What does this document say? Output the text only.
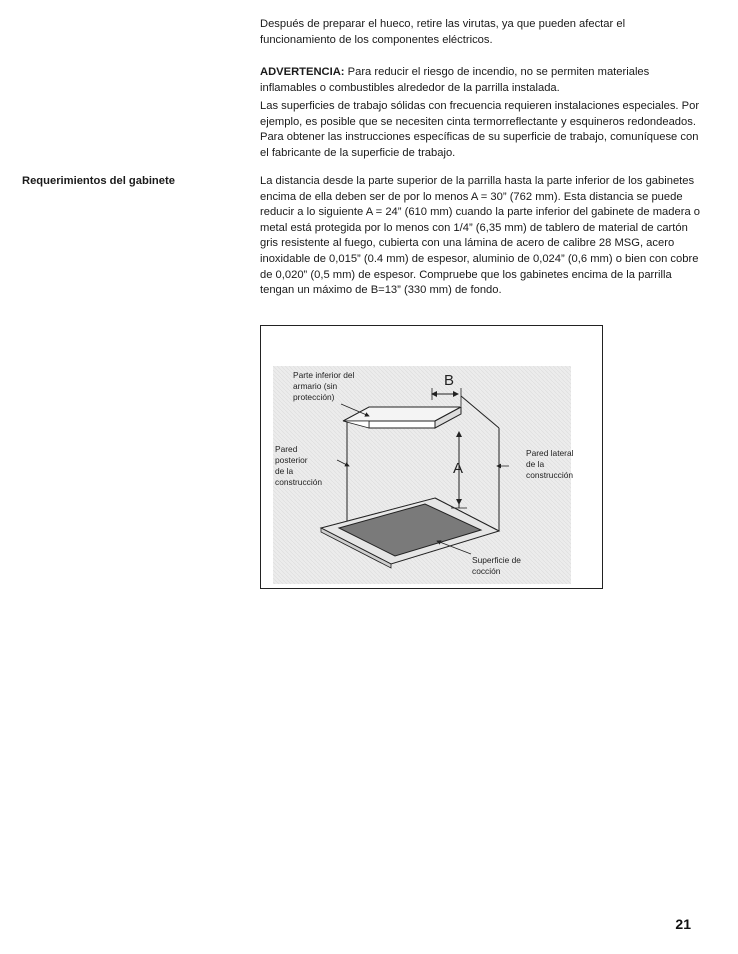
Después de preparar el hueco, retire las virutas, ya que pueden afectar el funcionamiento de los componentes eléctricos.

ADVERTENCIA: Para reducir el riesgo de incendio, no se permiten materiales inflamables o combustibles alrededor de la parrilla instalada.

Las superficies de trabajo sólidas con frecuencia requieren instalaciones especiales. Por ejemplo, es posible que se necesiten cinta termorreflectante y esquineros redondeados. Para obtener las instrucciones específicas de su superficie de trabajo, comuníquese con el fabricante de la superficie de trabajo.

Requerimientos del gabinete	La distancia desde la parte superior de la parrilla hasta la parte inferior de los gabinetes encima de ella deben ser de por lo menos A = 30” (762 mm). Esta distancia se puede reducir a lo siguiente A = 24” (610 mm) cuando la parte inferior del gabinete de madera o metal está protegida por lo menos con 1/4” (6,35 mm) de tablero de material de cartón gris resistente al fuego, cubierta con una lámina de acero de calibre 28 MSG, acero inoxidable de 0,015” (0.4 mm) de espesor, aluminio de 0,024” (0,6 mm) o bien con cobre de 0,020” (0,5 mm) de espesor. Compruebe que los gabinetes encima de la parrilla tengan un máximo de B=13” (330 mm) de fondo.

Parte inferior del
armario (sin
protección)
Pared
posterior
de la
construcción
Pared lateral
de la
construcción
Superficie de
cocción
A
B
21
